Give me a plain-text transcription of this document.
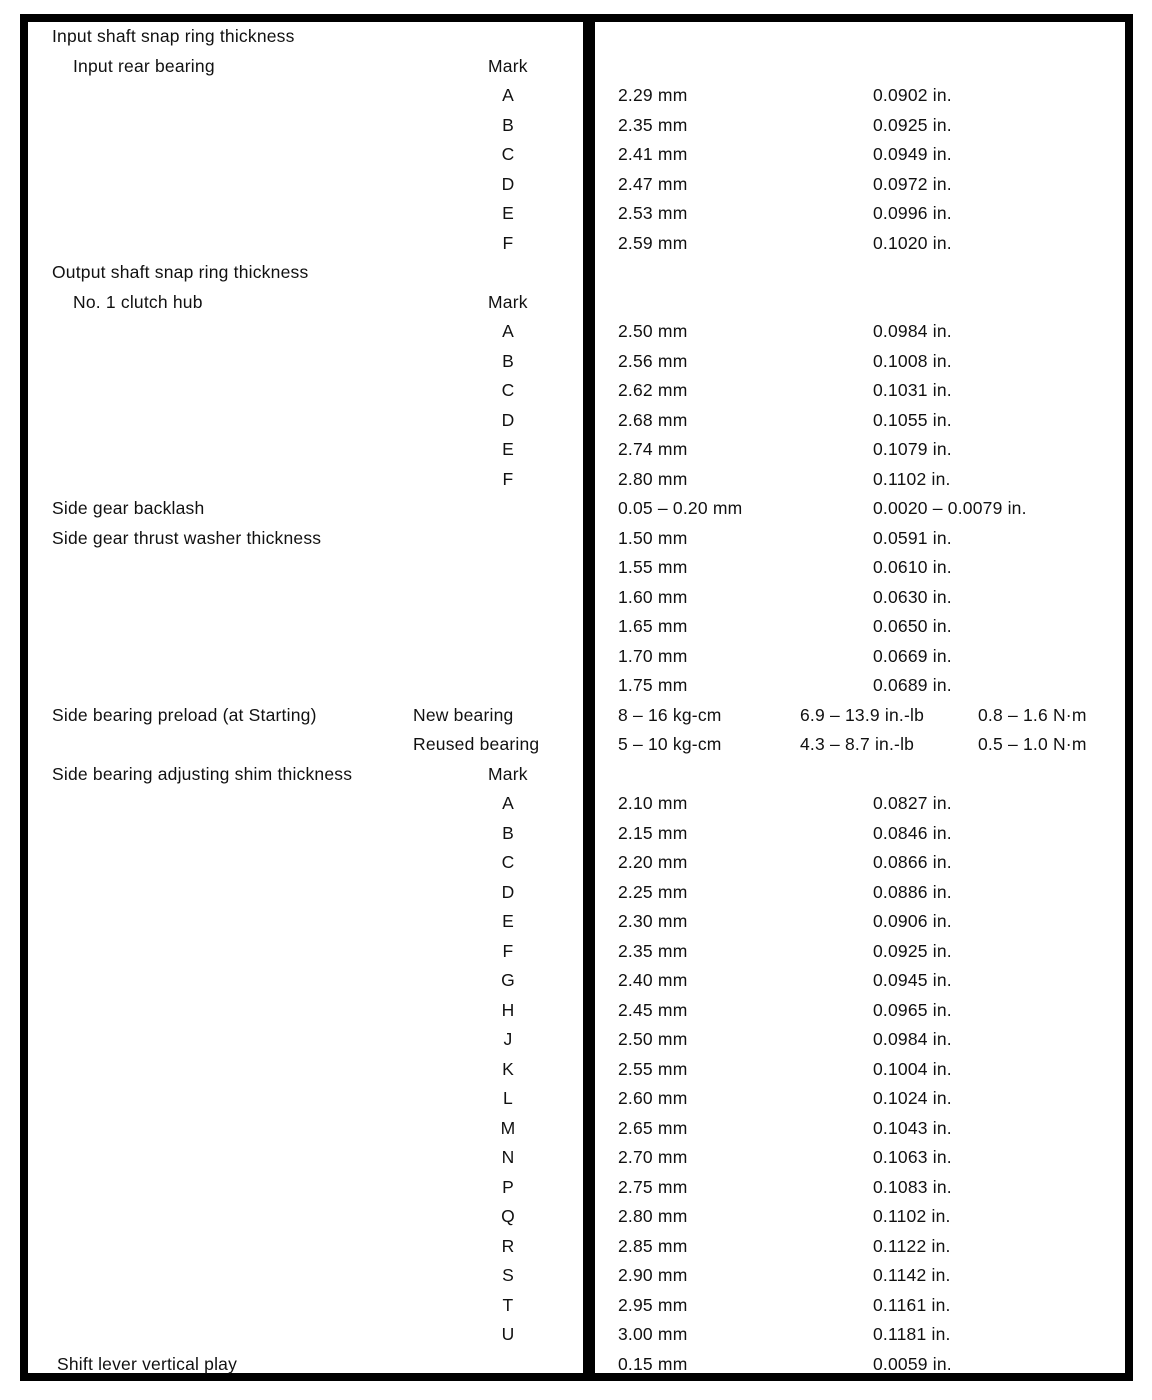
Input shaft snap ring thickness
Input rear bearing	Mark
A	2.29 mm	0.0902 in.
B	2.35 mm	0.0925 in.
C	2.41 mm	0.0949 in.
D	2.47 mm	0.0972 in.
E	2.53 mm	0.0996 in.
F	2.59 mm	0.1020 in.
Output shaft snap ring thickness
No. 1 clutch hub	Mark
A	2.50 mm	0.0984 in.
B	2.56 mm	0.1008 in.
C	2.62 mm	0.1031 in.
D	2.68 mm	0.1055 in.
E	2.74 mm	0.1079 in.
F	2.80 mm	0.1102 in.
Side gear backlash	0.05 – 0.20 mm	0.0020 – 0.0079 in.
Side gear thrust washer thickness	1.50 mm	0.0591 in.
1.55 mm	0.0610 in.
1.60 mm	0.0630 in.
1.65 mm	0.0650 in.
1.70 mm	0.0669 in.
1.75 mm	0.0689 in.
Side bearing preload (at Starting)	New bearing	8 – 16 kg-cm	6.9 – 13.9 in.-lb	0.8 – 1.6 N·m
Reused bearing	5 – 10 kg-cm	4.3 – 8.7 in.-lb	0.5 – 1.0 N·m
Side bearing adjusting shim thickness	Mark
A	2.10 mm	0.0827 in.
B	2.15 mm	0.0846 in.
C	2.20 mm	0.0866 in.
D	2.25 mm	0.0886 in.
E	2.30 mm	0.0906 in.
F	2.35 mm	0.0925 in.
G	2.40 mm	0.0945 in.
H	2.45 mm	0.0965 in.
J	2.50 mm	0.0984 in.
K	2.55 mm	0.1004 in.
L	2.60 mm	0.1024 in.
M	2.65 mm	0.1043 in.
N	2.70 mm	0.1063 in.
P	2.75 mm	0.1083 in.
Q	2.80 mm	0.1102 in.
R	2.85 mm	0.1122 in.
S	2.90 mm	0.1142 in.
T	2.95 mm	0.1161 in.
U	3.00 mm	0.1181 in.
Shift lever vertical play	0.15 mm	0.0059 in.
